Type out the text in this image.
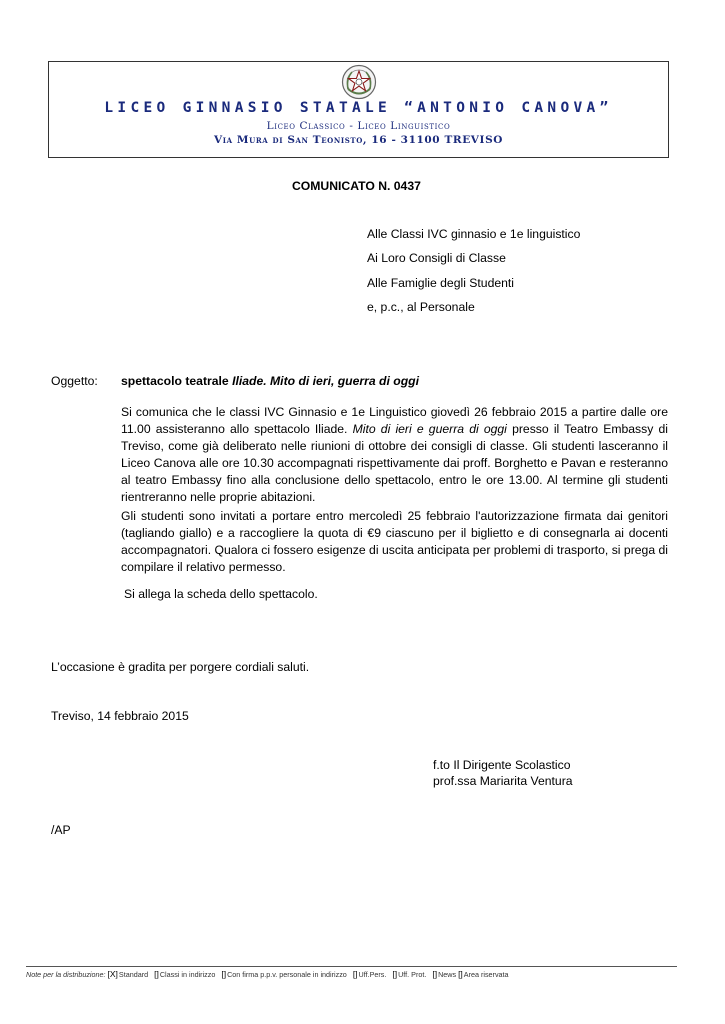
LICEO GINNASIO STATALE “ANTONIO CANOVA”
Liceo Classico - Liceo Linguistico
Via Mura di San Teonisto, 16 - 31100 TREVISO
COMUNICATO N. 0437
Alle Classi IVC ginnasio e 1e linguistico
Ai Loro Consigli di Classe
Alle Famiglie degli Studenti
e, p.c., al Personale
Oggetto: spettacolo teatrale Iliade. Mito di ieri, guerra di oggi
Si comunica che le classi IVC Ginnasio e 1e Linguistico giovedì 26 febbraio 2015 a partire dalle ore 11.00 assisteranno allo spettacolo Iliade. Mito di ieri e guerra di oggi presso il Teatro Embassy di Treviso, come già deliberato nelle riunioni di ottobre dei consigli di classe. Gli studenti lasceranno il Liceo Canova alle ore 10.30 accompagnati rispettivamente dai proff. Borghetto e Pavan e resteranno al teatro Embassy fino alla conclusione dello spettacolo, entro le ore 13.00. Al termine gli studenti rientreranno nelle proprie abitazioni.
Gli studenti sono invitati a portare entro mercoledì 25 febbraio l'autorizzazione firmata dai genitori (tagliando giallo) e a raccogliere la quota di €9 ciascuno per il biglietto e di consegnarla ai docenti accompagnatori. Qualora ci fossero esigenze di uscita anticipata per problemi di trasporto, si prega di compilare il relativo permesso.
Si allega la scheda dello spettacolo.
L’occasione è gradita per porgere cordiali saluti.
Treviso, 14 febbraio 2015
f.to Il Dirigente Scolastico
prof.ssa Mariarita Ventura
/AP
Note per la distribuzione: [X]Standard []Classi in indirizzo []Con firma p.p.v. personale in indirizzo []Uff.Pers. []Uff. Prot. []News []Area riservata
